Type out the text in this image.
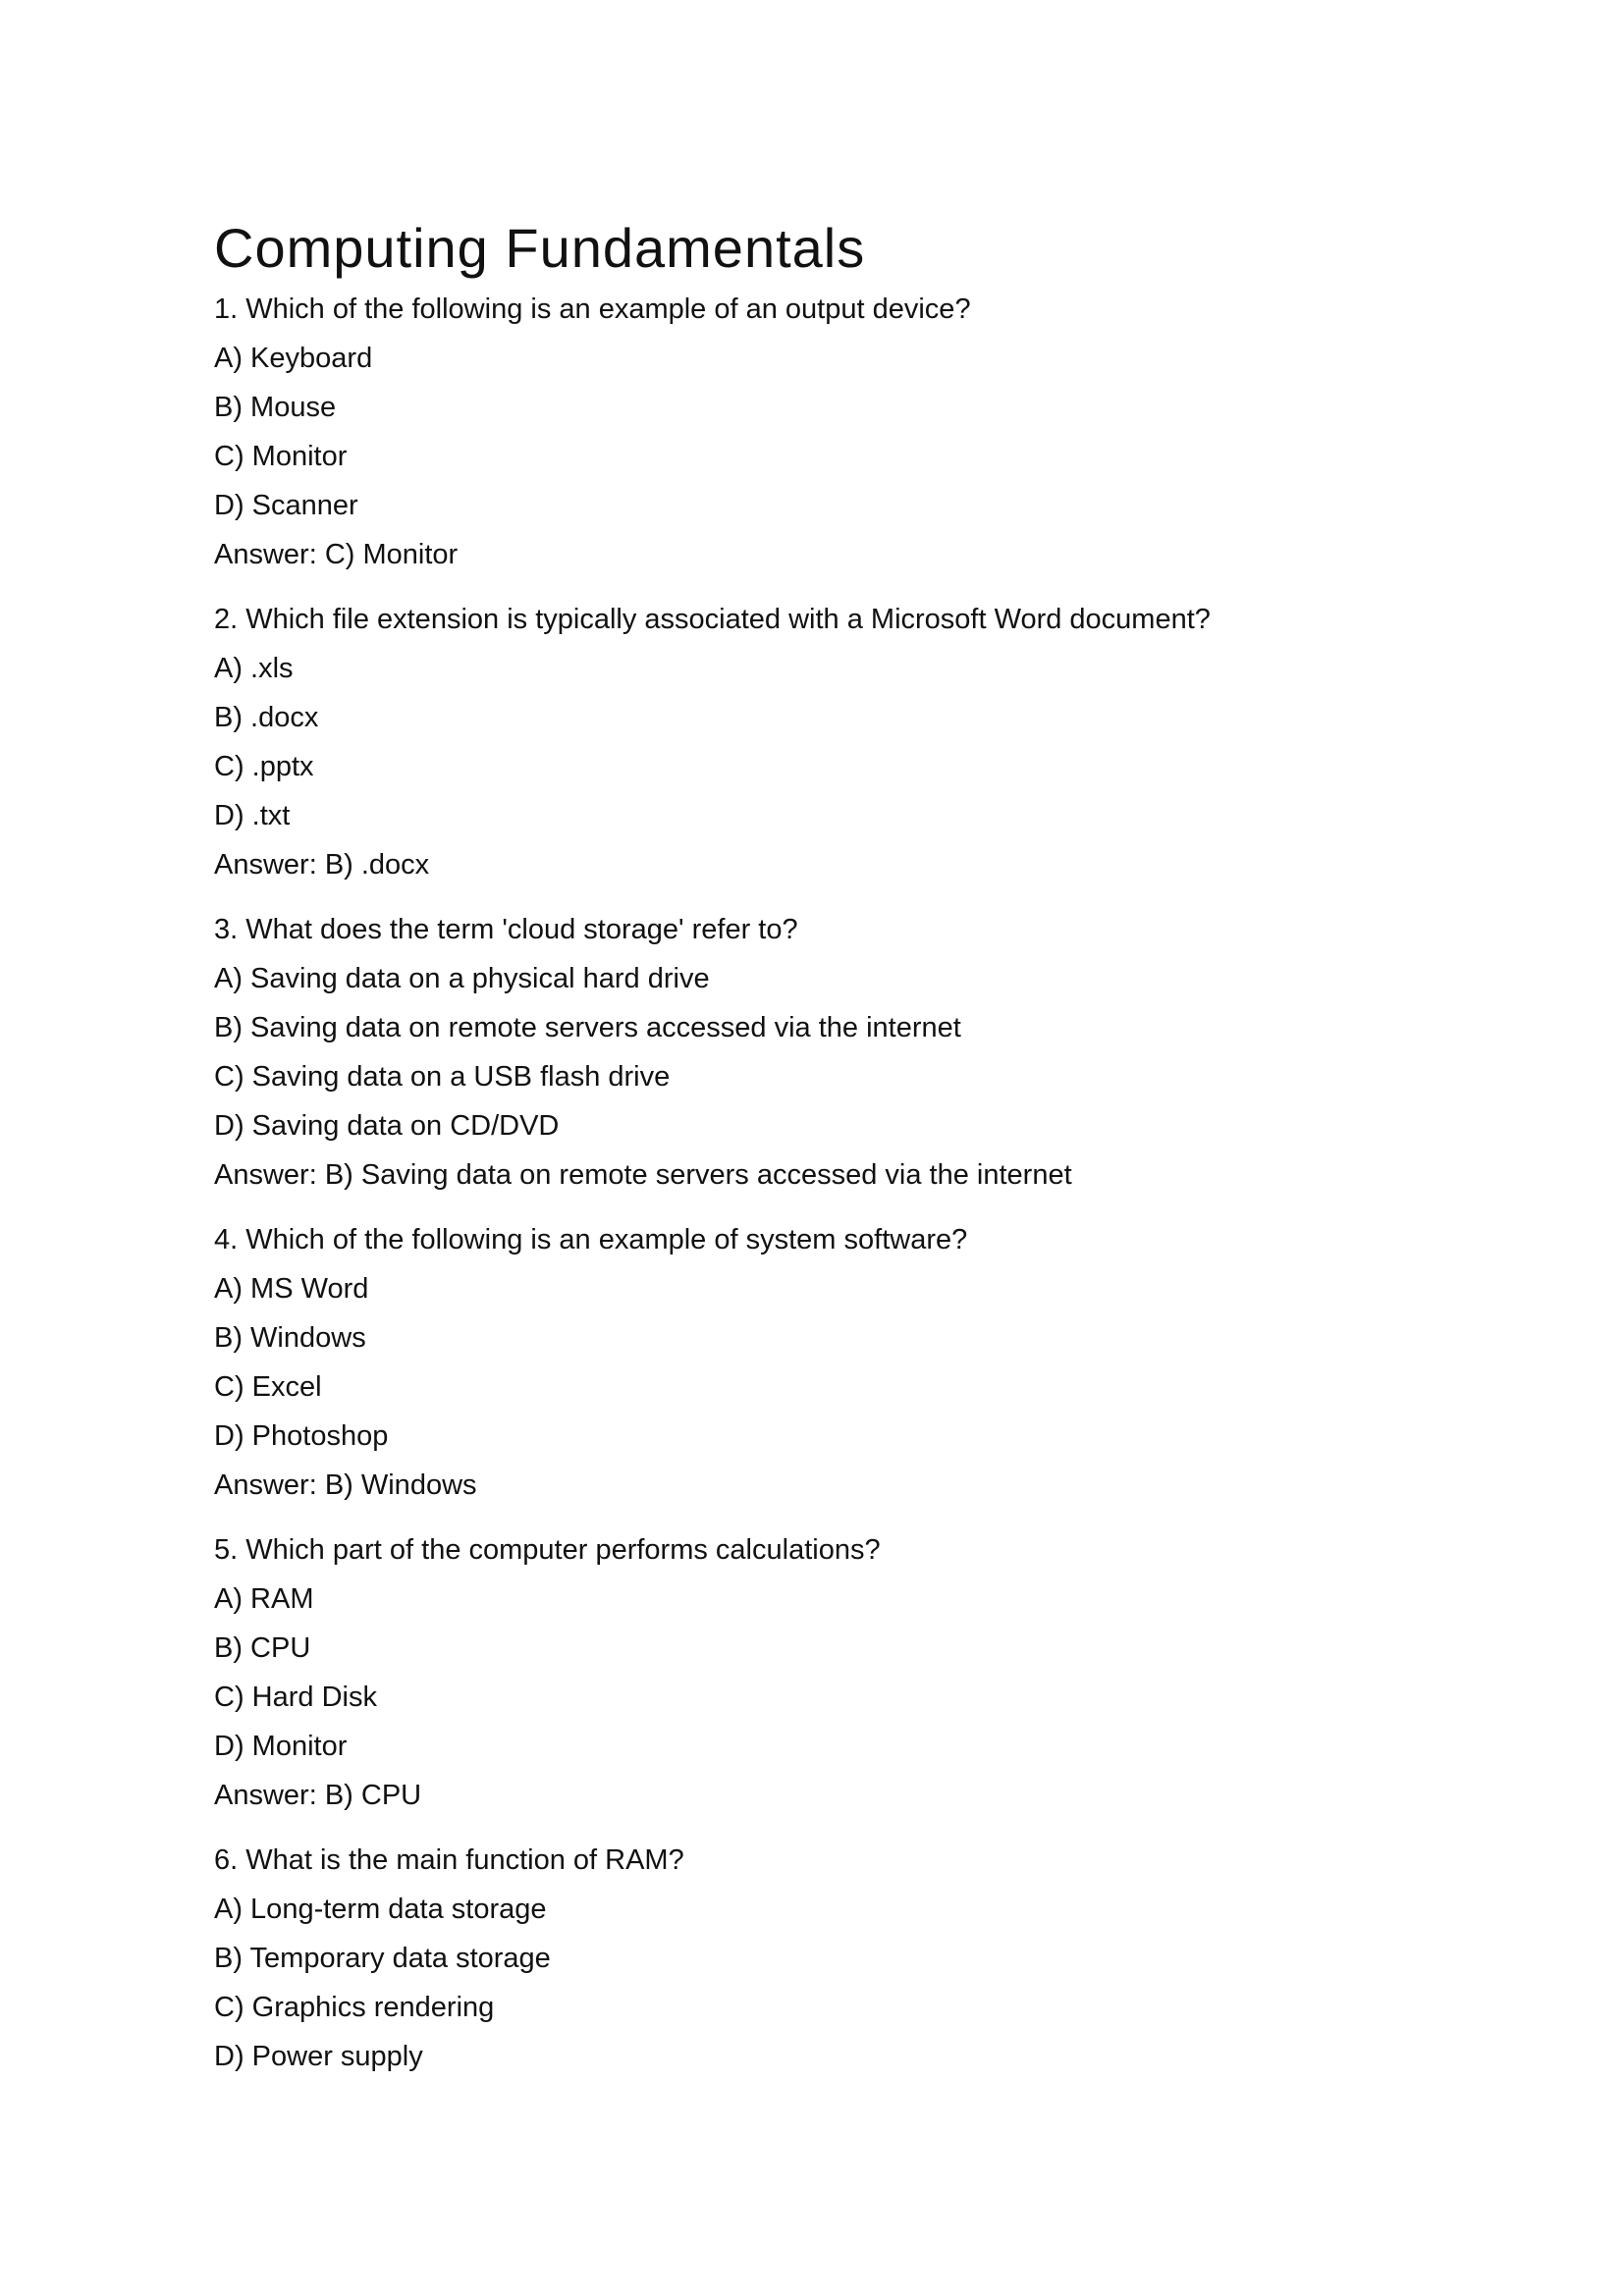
Computing Fundamentals
1. Which of the following is an example of an output device?
A) Keyboard
B) Mouse
C) Monitor
D) Scanner
Answer: C) Monitor
2. Which file extension is typically associated with a Microsoft Word document?
A) .xls
B) .docx
C) .pptx
D) .txt
Answer: B) .docx
3. What does the term 'cloud storage' refer to?
A) Saving data on a physical hard drive
B) Saving data on remote servers accessed via the internet
C) Saving data on a USB flash drive
D) Saving data on CD/DVD
Answer: B) Saving data on remote servers accessed via the internet
4. Which of the following is an example of system software?
A) MS Word
B) Windows
C) Excel
D) Photoshop
Answer: B) Windows
5. Which part of the computer performs calculations?
A) RAM
B) CPU
C) Hard Disk
D) Monitor
Answer: B) CPU
6. What is the main function of RAM?
A) Long-term data storage
B) Temporary data storage
C) Graphics rendering
D) Power supply
